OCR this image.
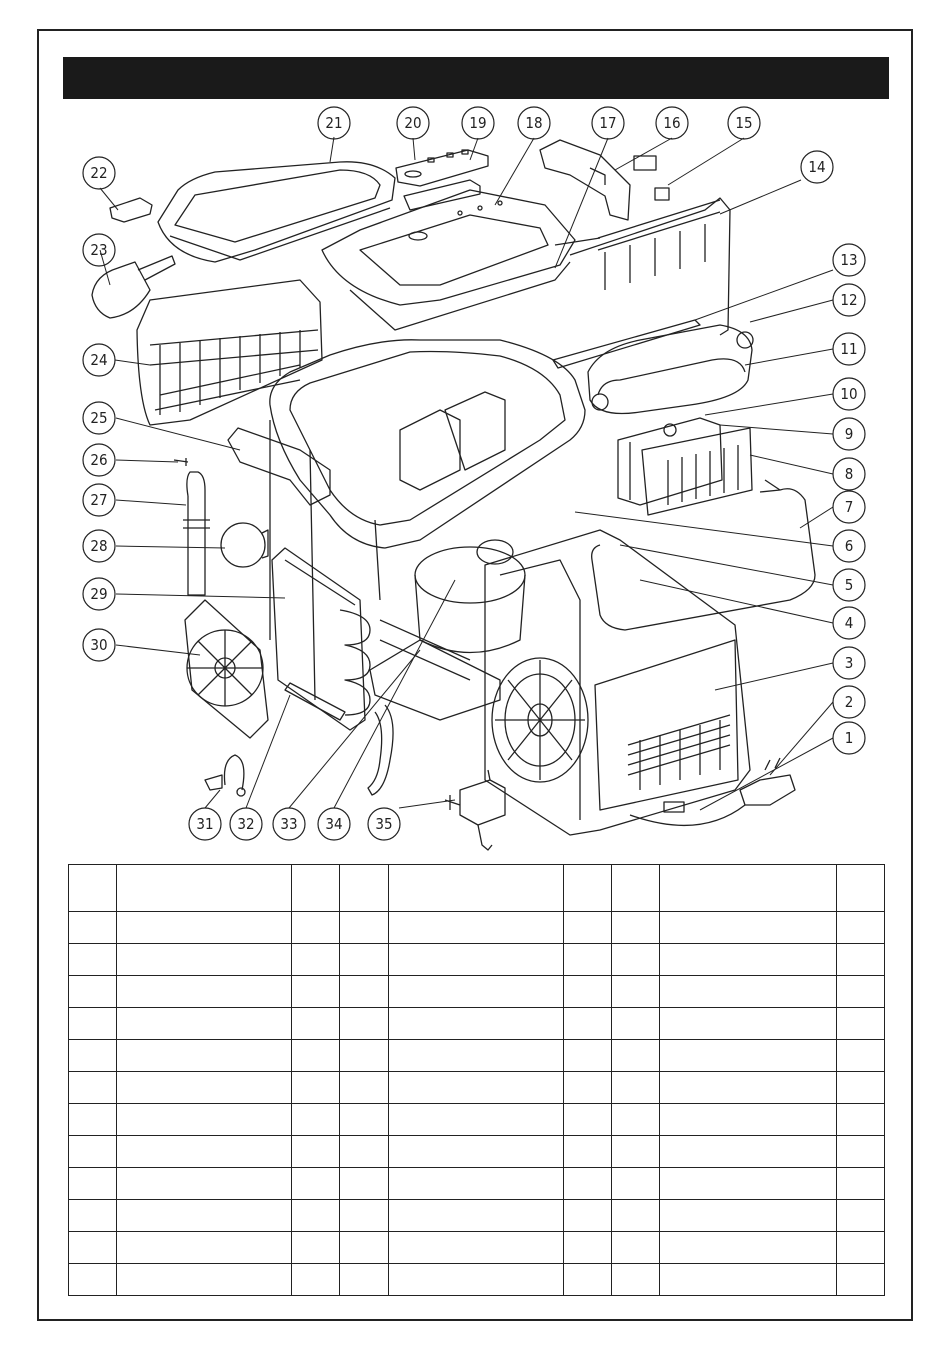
21	20	19	18	17	16	15
14
13
12
11
10
9
8
7
6
5
4
3
2
1
22
23
24
25
26
27
28
29
30
31 32 33 34 35
